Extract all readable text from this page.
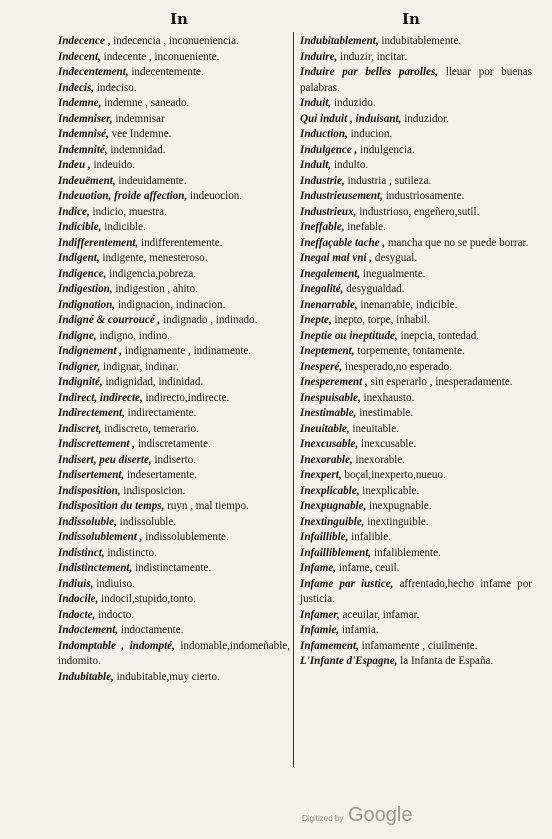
In	In

Indecence , indecencia , inconueniencia.

Indecent, indecente , inconueniente.

Indecentement, indecentemente.

Indecis, indeciso.

Indemne, indemne , saneado.

Indemniser, indemnisar

Indemnisé, vee Indemne.

Indemnité, indemnidad.

Indeu , indeuido.

Indeuëment, indeuidamente.

Indeuotion, froide affection, indeuocion.

Indice, indicio, muestra.

Indicible, indicible.

Indifferentement, indifferentemente.

Indigent, indigente, menesteroso.

Indigence, indigencia,pobreza.

Indigestion, indigestion , ahito.

Indignation, indignacion, indinacion.

Indigné & courroucé , indignado , indinado.

Indigne, indigno, indino.

Indignement , indignamente , indinamente.

Indigner, indignar, indinar.

Indignité, indignidad, indinidad.

Indirect, indirecte, indirecto,indirecte.

Indirectement, indirectamente.

Indiscret, indiscreto, temerario.

Indiscrettement , indiscretamente.

Indisert, peu diserte, indiserto.

Indisertement, indesertamente.

Indisposition, indisposicion.

Indisposition du temps, ruyn , mal tiempo.

Indissoluble, indissoluble.

Indissolublement , indissolublemente.

Indistinct, indistincto.

Indistinctement, indistinctamente.

Indiuis, indiuiso.

Indocile, indocil,stupido,tonto.

Indocte, indocto.

Indoctement, indoctamente.

Indomptable , indompté, indomable,indomeñable, indomito.

Indubitable, indubitable,muy cierto.

Indubitablement, indubitablemente.

Induire, induzir, incitar.

Induire par belles parolles, lleuar por buenas palabras.

Induit, induzido.

Qui induit , induisant, induzidor.

Induction, inducion.

Indulgence , indulgencia.

Indult, indulto.

Industrie, industria , sutileza.

Industrieusement, industriosamente.

Industrieux, industrioso, engeñero,sutil.

Ineffable, inefable.

Ineffaçable tache , mancha que no se puede borrar.

Inegal mal vni , desygual.

Inegalement, inegualmente.

Inegalité, desygualdad.

Inenarrable, inenarrable, indicible.

Inepte, inepto, torpe, inhabil.

Ineptie ou ineptitude, inepcia, tontedad.

Ineptement, torpemente, tontamente.

Inesperé, inesperado,no esperado.

Inesperement , sin esperarlo , inesperadamente.

Inespuisable, inexhausto.

Inestimable, inestimable.

Ineuitable, ineuitable.

Inexcusable, inexcusable.

Inexorable, inexorable.

Inexpert, boçal,inexperto,nueuo.

Inexplicable, inexplicable.

Inexpugnable, inexpugnable.

Inextinguible, inextinguible.

Infaillible, infalible.

Infailliblement, infaliblemente.

Infame, infame, ceuil.

Infame par iustice, affrentado,hecho infame por justicia.

Infamer, aceuilar, infamar.

Infamie, infamia.

Infamement, infamamente , ciuilmente.

L'Infante d'Espagne, la Infanta de España.

Digitized by Google
